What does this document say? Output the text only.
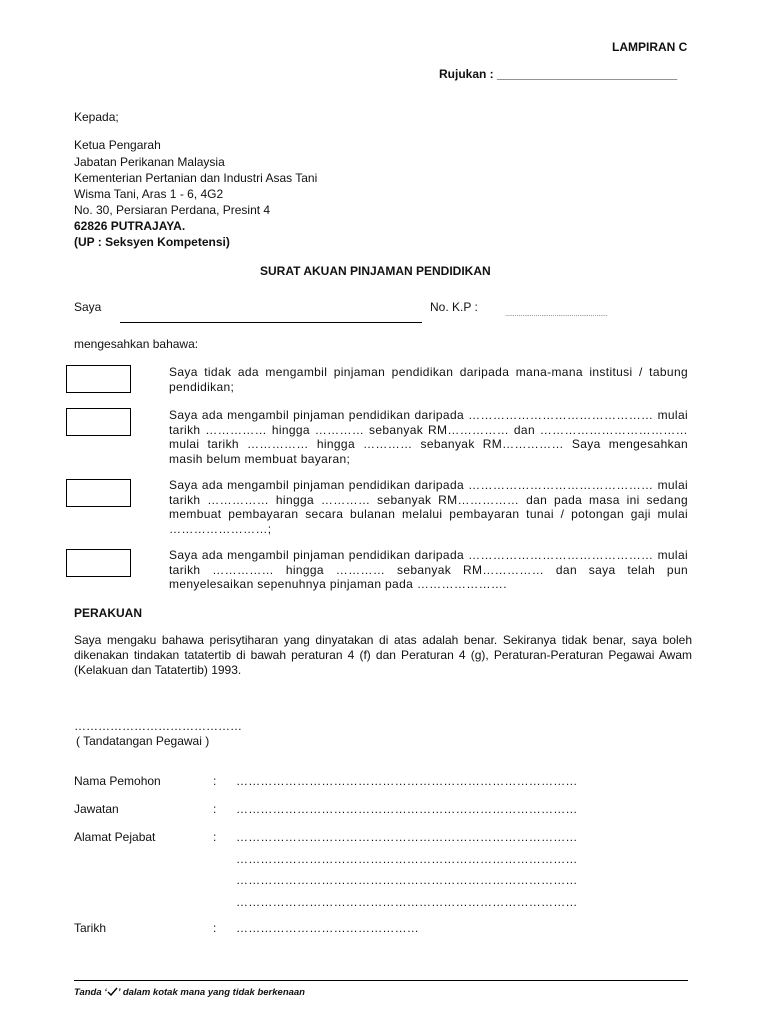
LAMPIRAN C
Rujukan : ___________________________
Kepada;
Ketua Pengarah
Jabatan Perikanan Malaysia
Kementerian Pertanian dan Industri Asas Tani
Wisma Tani, Aras 1 - 6, 4G2
No. 30, Persiaran Perdana, Presint 4
62826 PUTRAJAYA.
(UP : Seksyen Kompetensi)
SURAT AKUAN PINJAMAN PENDIDIKAN
Saya	No. K.P :
………………………………………………
mengesahkan bahawa:
Saya tidak ada mengambil pinjaman pendidikan daripada mana-mana institusi / tabung pendidikan;
Saya ada mengambil pinjaman pendidikan daripada ……………………………………… mulai tarikh …………… hingga ………… sebanyak RM…………… dan ……………………………… mulai tarikh …………… hingga ………… sebanyak RM…………… Saya mengesahkan masih belum membuat bayaran;
Saya ada mengambil pinjaman pendidikan daripada ……………………………………… mulai tarikh …………… hingga ………… sebanyak RM…………… dan pada masa ini sedang membuat pembayaran secara bulanan melalui pembayaran tunai / potongan gaji mulai ……………………;
Saya ada mengambil pinjaman pendidikan daripada ……………………………………… mulai tarikh …………… hingga ………… sebanyak RM…………… dan saya telah pun menyelesaikan sepenuhnya pinjaman pada ………………….
PERAKUAN
Saya mengaku bahawa perisytiharan yang dinyatakan di atas adalah benar. Sekiranya tidak benar, saya boleh dikenakan tindakan tatatertib di bawah peraturan 4 (f) dan Peraturan 4 (g), Peraturan-Peraturan Pegawai Awam (Kelakuan dan Tatatertib) 1993.
……………………………………
( Tandatangan Pegawai )
Nama Pemohon	: …………………………………………………………………………
Jawatan	: …………………………………………………………………………
Alamat Pejabat	: …………………………………………………………………………
…………………………………………………………………………
…………………………………………………………………………
…………………………………………………………………………
Tarikh	: ………………………………………
Tanda ‘ ’ dalam kotak mana yang tidak berkenaan
